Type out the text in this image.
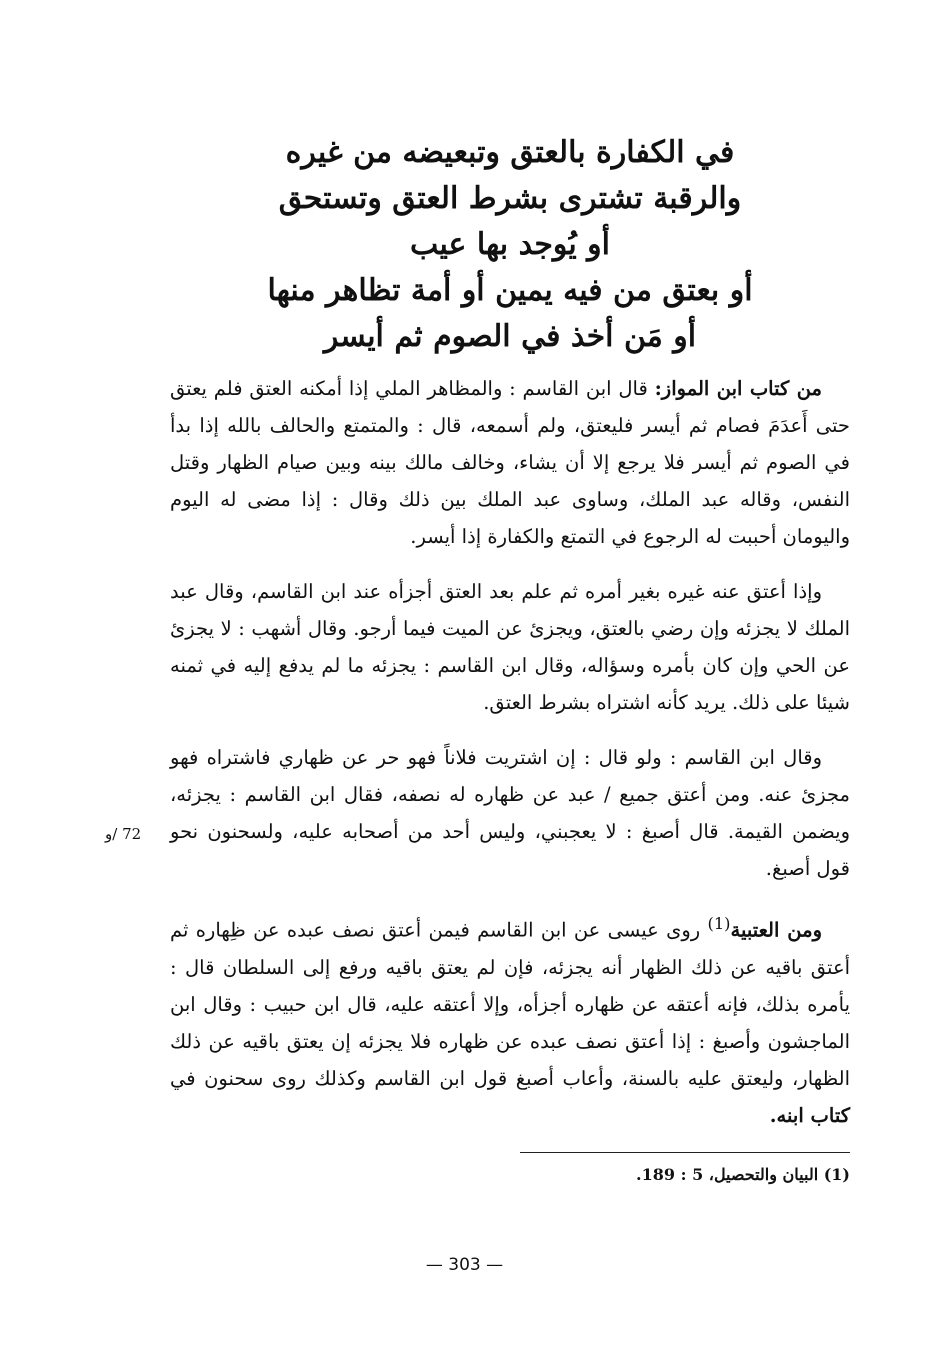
في الكفارة بالعتق وتبعيضه من غيره
والرقبة تشترى بشرط العتق وتستحق
أو يُوجد بها عيب
أو بعتق من فيه يمين أو أمة تظاهر منها
أو مَن أخذ في الصوم ثم أيسر

من كتاب ابن المواز: قال ابن القاسم : والمظاهر الملي إذا أمكنه العتق فلم يعتق حتى أَعدَمَ فصام ثم أيسر فليعتق، ولم أسمعه، قال : والمتمتع والحالف بالله إذا بدأ في الصوم ثم أيسر فلا يرجع إلا أن يشاء، وخالف مالك بينه وبين صيام الظهار وقتل النفس، وقاله عبد الملك، وساوى عبد الملك بين ذلك وقال : إذا مضى له اليوم واليومان أحببت له الرجوع في التمتع والكفارة إذا أيسر.

وإذا أعتق عنه غيره بغير أمره ثم علم بعد العتق أجزأه عند ابن القاسم، وقال عبد الملك لا يجزئه وإن رضي بالعتق، ويجزئ عن الميت فيما أرجو. وقال أشهب : لا يجزئ عن الحي وإن كان بأمره وسؤاله، وقال ابن القاسم : يجزئه ما لم يدفع إليه في ثمنه شيئا على ذلك. يريد كأنه اشتراه بشرط العتق.

وقال ابن القاسم : ولو قال : إن اشتريت فلاناً فهو حر عن ظهاري فاشتراه فهو مجزئ عنه. ومن أعتق جميع / عبد عن ظهاره له نصفه، فقال ابن القاسم : يجزئه، ويضمن القيمة. قال أصبغ : لا يعجبني، وليس أحد من أصحابه عليه، ولسحنون نحو قول أصبغ.

ومن العتبية$^{(1)}$ روى عيسى عن ابن القاسم فيمن أعتق نصف عبده عن ظِهاره ثم أعتق باقيه عن ذلك الظهار أنه يجزئه، فإن لم يعتق باقيه ورفع إلى السلطان قال : يأمره بذلك، فإنه أعتقه عن ظهاره أجزأه، وإلا أعتقه عليه، قال ابن حبيب : وقال ابن الماجشون وأصبغ : إذا أعتق نصف عبده عن ظهاره فلا يجزئه إن يعتق باقيه عن ذلك الظهار، وليعتق عليه بالسنة، وأعاب أصبغ قول ابن القاسم وكذلك روى سحنون في كتاب ابنه.

(1) البيان والتحصيل، 5 : 189.
72 /و
— 303 —
